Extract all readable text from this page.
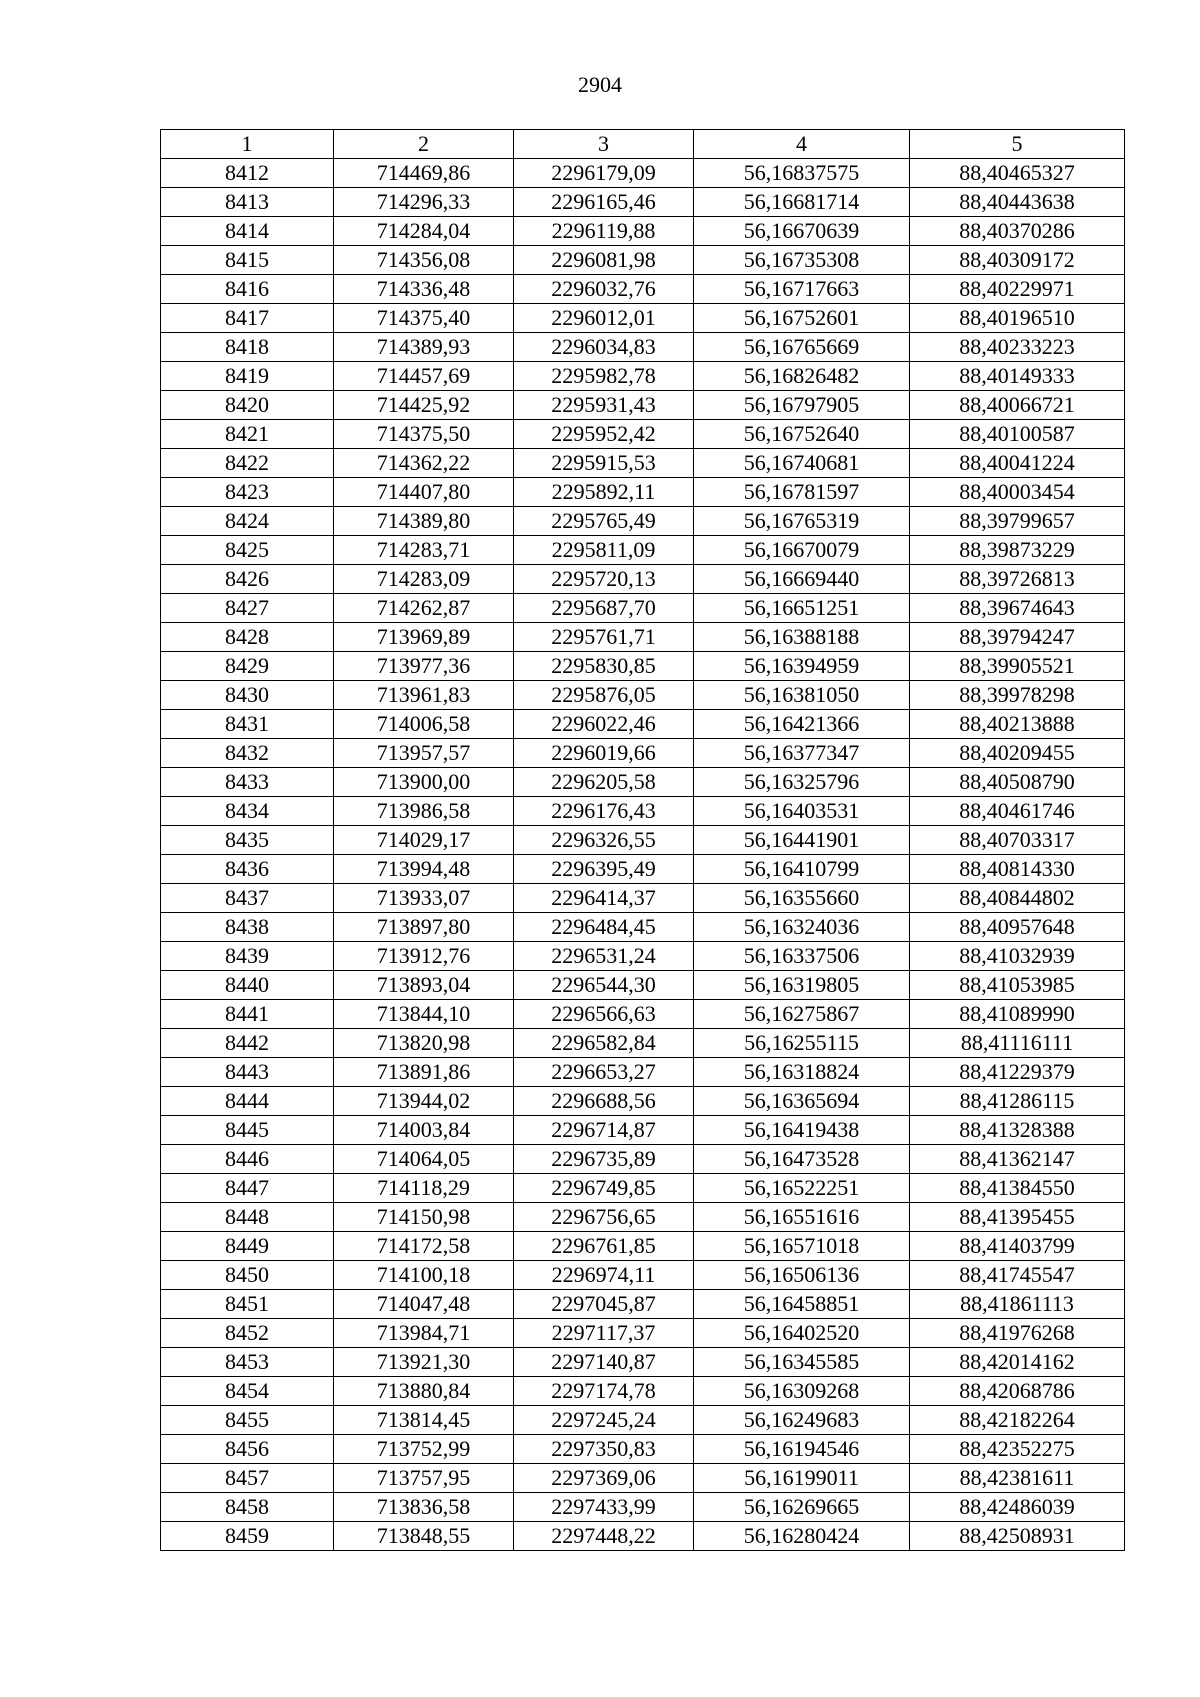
2904
1	2	3	4	5
8412	714469,86	2296179,09	56,16837575	88,40465327
8413	714296,33	2296165,46	56,16681714	88,40443638
8414	714284,04	2296119,88	56,16670639	88,40370286
8415	714356,08	2296081,98	56,16735308	88,40309172
8416	714336,48	2296032,76	56,16717663	88,40229971
8417	714375,40	2296012,01	56,16752601	88,40196510
8418	714389,93	2296034,83	56,16765669	88,40233223
8419	714457,69	2295982,78	56,16826482	88,40149333
8420	714425,92	2295931,43	56,16797905	88,40066721
8421	714375,50	2295952,42	56,16752640	88,40100587
8422	714362,22	2295915,53	56,16740681	88,40041224
8423	714407,80	2295892,11	56,16781597	88,40003454
8424	714389,80	2295765,49	56,16765319	88,39799657
8425	714283,71	2295811,09	56,16670079	88,39873229
8426	714283,09	2295720,13	56,16669440	88,39726813
8427	714262,87	2295687,70	56,16651251	88,39674643
8428	713969,89	2295761,71	56,16388188	88,39794247
8429	713977,36	2295830,85	56,16394959	88,39905521
8430	713961,83	2295876,05	56,16381050	88,39978298
8431	714006,58	2296022,46	56,16421366	88,40213888
8432	713957,57	2296019,66	56,16377347	88,40209455
8433	713900,00	2296205,58	56,16325796	88,40508790
8434	713986,58	2296176,43	56,16403531	88,40461746
8435	714029,17	2296326,55	56,16441901	88,40703317
8436	713994,48	2296395,49	56,16410799	88,40814330
8437	713933,07	2296414,37	56,16355660	88,40844802
8438	713897,80	2296484,45	56,16324036	88,40957648
8439	713912,76	2296531,24	56,16337506	88,41032939
8440	713893,04	2296544,30	56,16319805	88,41053985
8441	713844,10	2296566,63	56,16275867	88,41089990
8442	713820,98	2296582,84	56,16255115	88,41116111
8443	713891,86	2296653,27	56,16318824	88,41229379
8444	713944,02	2296688,56	56,16365694	88,41286115
8445	714003,84	2296714,87	56,16419438	88,41328388
8446	714064,05	2296735,89	56,16473528	88,41362147
8447	714118,29	2296749,85	56,16522251	88,41384550
8448	714150,98	2296756,65	56,16551616	88,41395455
8449	714172,58	2296761,85	56,16571018	88,41403799
8450	714100,18	2296974,11	56,16506136	88,41745547
8451	714047,48	2297045,87	56,16458851	88,41861113
8452	713984,71	2297117,37	56,16402520	88,41976268
8453	713921,30	2297140,87	56,16345585	88,42014162
8454	713880,84	2297174,78	56,16309268	88,42068786
8455	713814,45	2297245,24	56,16249683	88,42182264
8456	713752,99	2297350,83	56,16194546	88,42352275
8457	713757,95	2297369,06	56,16199011	88,42381611
8458	713836,58	2297433,99	56,16269665	88,42486039
8459	713848,55	2297448,22	56,16280424	88,42508931
